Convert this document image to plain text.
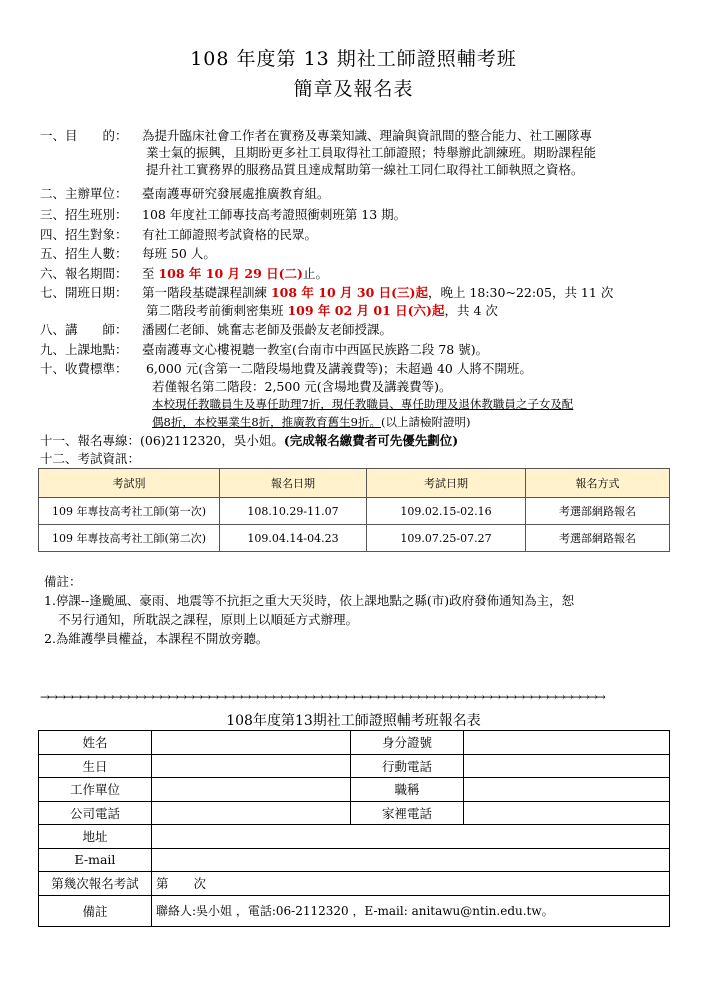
108 年度第 13 期社工師證照輔考班
簡章及報名表
一、目　　的： 為提升臨床社會工作者在實務及專業知識、理論與資訊間的整合能力、社工團隊專
業士氣的振興，且期盼更多社工員取得社工師證照；特舉辦此訓練班。期盼課程能
提升社工實務界的服務品質且達成幫助第一線社工同仁取得社工師執照之資格。
二、主辦單位： 臺南護專研究發展處推廣教育組。
三、招生班別： 108 年度社工師專技高考證照衝刺班第 13 期。
四、招生對象： 有社工師證照考試資格的民眾。
五、招生人數： 每班 50 人。
六、報名期間： 至 108 年 10 月 29 日(二)止。
七、開班日期： 第一階段基礎課程訓練 108 年 10 月 30 日(三)起，晚上 18:30~22:05，共 11 次
第二階段考前衝刺密集班 109 年 02 月 01 日(六)起，共 4 次
八、講　　師： 潘國仁老師、姚奮志老師及張齡友老師授課。
九、上課地點： 臺南護專文心樓視聽一教室(台南市中西區民族路二段 78 號)。
十、收費標準： 6,000 元(含第一二階段場地費及講義費等)；未超過 40 人將不開班。
若僅報名第二階段：2,500 元(含場地費及講義費等)。
本校現任教職員生及專任助理7折，現任教職員、專任助理及退休教職員之子女及配
偶8折，本校畢業生8折，推廣教育舊生9折。(以上請檢附證明)
十一、報名專線：(06)2112320，吳小姐。(完成報名繳費者可先優先劃位)
十二、考試資訊：
考試別	報名日期	考試日期	報名方式
109 年專技高考社工師(第一次)	108.10.29-11.07	109.02.15-02.16	考選部網路報名
109 年專技高考社工師(第二次)	109.04.14-04.23	109.07.25-07.27	考選部網路報名
備註：
1.停課--逢颱風、豪雨、地震等不抗拒之重大天災時，依上課地點之縣(市)政府發佈通知為主，恕
不另行通知，所耽誤之課程，原則上以順延方式辦理。
2.為維護學員權益，本課程不開放旁聽。
→→→→→→→→→→→→→→→→→→→→→→→→→→→→→→→→→→→→→→→→→→→→→→→→→→→→→→→→→→→→→→→→→→→→→→
108年度第13期社工師證照輔考班報名表
姓名		身分證號	
生日		行動電話	
工作單位		職稱	
公司電話		家裡電話	
地址			
E-mail			
第幾次報名考試	第　　次		
備註	聯絡人:吳小姐 ，電話:06-2112320 ，E-mail: anitawu@ntin.edu.tw。		
